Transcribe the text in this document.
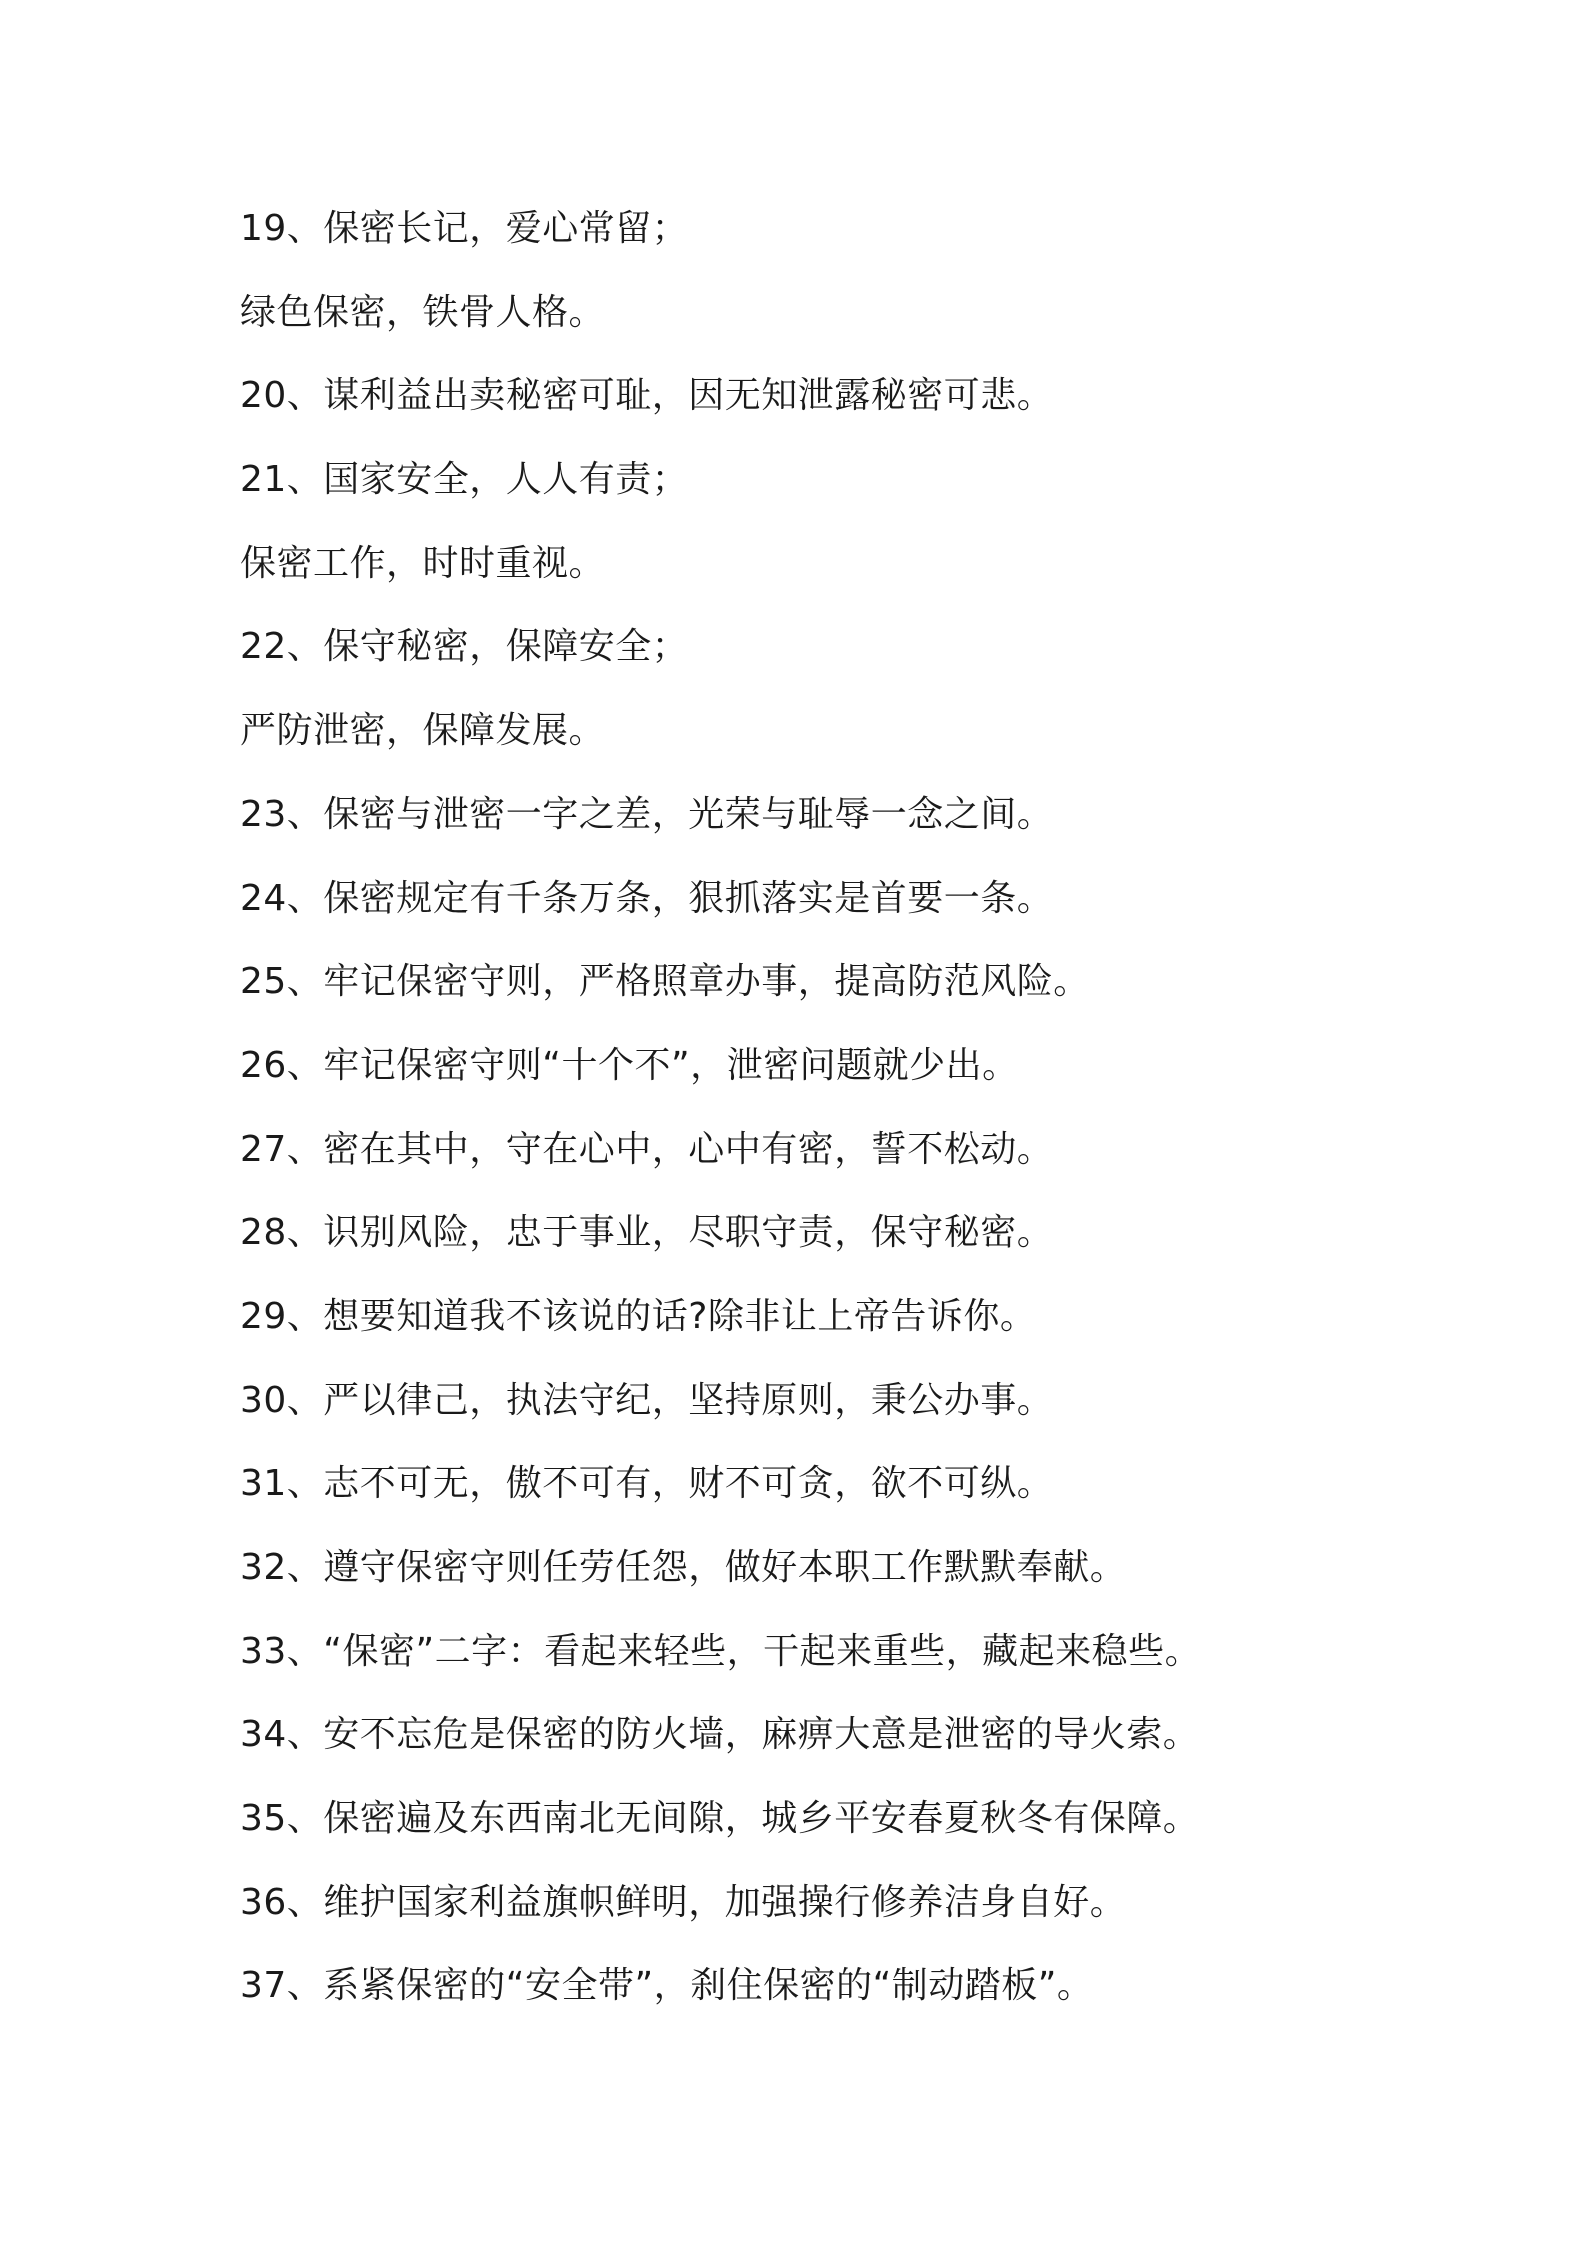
19、保密长记，爱心常留；
绿色保密，铁骨人格。
20、谋利益出卖秘密可耻，因无知泄露秘密可悲。
21、国家安全，人人有责；
保密工作，时时重视。
22、保守秘密，保障安全；
严防泄密，保障发展。
23、保密与泄密一字之差，光荣与耻辱一念之间。
24、保密规定有千条万条，狠抓落实是首要一条。
25、牢记保密守则，严格照章办事，提高防范风险。
26、牢记保密守则“十个不”，泄密问题就少出。
27、密在其中，守在心中，心中有密，誓不松动。
28、识别风险，忠于事业，尽职守责，保守秘密。
29、想要知道我不该说的话?除非让上帝告诉你。
30、严以律己，执法守纪，坚持原则，秉公办事。
31、志不可无，傲不可有，财不可贪，欲不可纵。
32、遵守保密守则任劳任怨，做好本职工作默默奉献。
33、“保密”二字：看起来轻些，干起来重些，藏起来稳些。
34、安不忘危是保密的防火墙，麻痹大意是泄密的导火索。
35、保密遍及东西南北无间隙，城乡平安春夏秋冬有保障。
36、维护国家利益旗帜鲜明，加强操行修养洁身自好。
37、系紧保密的“安全带”，刹住保密的“制动踏板”。
